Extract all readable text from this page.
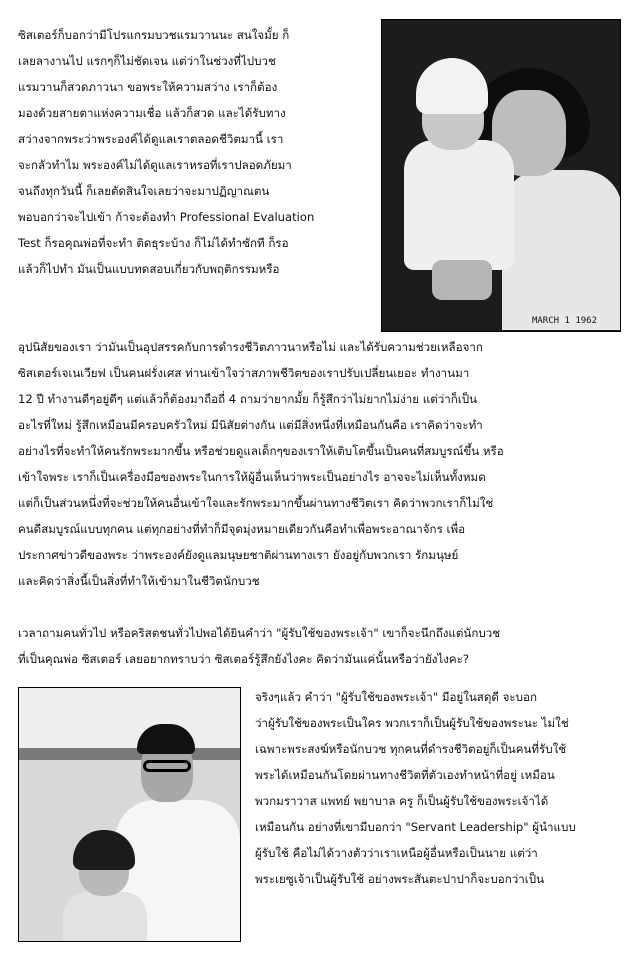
ซิสเตอร์ก็บอกว่ามีโปรแกรมบวชแรมวานนะ สนใจมั้ย ก็
เลยลางานไป แรกๆก็ไม่ชัดเจน แต่ว่าในช่วงที่ไปบวช
แรมวานก็สวดภาวนา ขอพระให้ความสว่าง เราก็ต้อง
มองด้วยสายตาแห่งความเชื่อ แล้วก็สวด และได้รับทาง
สว่างจากพระว่าพระองค์ได้ดูแลเราตลอดชีวิตมานี้ เรา
จะกลัวทำไม พระองค์ไม่ได้ดูแลเราหรอที่เราปลอดภัยมา
จนถึงทุกวันนี้ ก็เลยตัดสินใจเลยว่าจะมาปฏิญาณตน
พอบอกว่าจะไปเข้า ก้าจะต้องทำ Professional Evaluation
Test ก็รอคุณพ่อที่จะทำ ติดธุระบ้าง ก็ไม่ได้ทำซักที ก็รอ
แล้วก็ไปทำ มันเป็นแบบทดสอบเกี่ยวกับพฤติกรรมหรือ
MARCH 1 1962
อุปนิสัยของเรา ว่ามันเป็นอุปสรรคกับการดำรงชีวิตภาวนาหรือไม่ และได้รับความช่วยเหลือจาก
ซิสเตอร์เจเนเวียฟ เป็นคนฝรั่งเศส ท่านเข้าใจว่าสภาพชีวิตของเราปรับเปลี่ยนเยอะ ทำงานมา
12 ปี ทำงานดีๆอยู่ดีๆ แต่แล้วก็ต้องมาถือถี่ 4 ถามว่ายากมั้ย ก็รู้สึกว่าไม่ยากไม่ง่าย แต่ว่าก็เป็น
อะไรที่ใหม่ รู้สึกเหมือนมีครอบครัวใหม่ มีนิสัยต่างกัน แต่มีสิ่งหนึ่งที่เหมือนกันคือ เราคิดว่าจะทำ
อย่างไรที่จะทำให้คนรักพระมากขึ้น หรือช่วยดูแลเด็กๆของเราให้เติบโตขึ้นเป็นคนที่สมบูรณ์ขึ้น หรือ
เข้าใจพระ เราก็เป็นเครื่องมือของพระในการให้ผู้อื่นเห็นว่าพระเป็นอย่างไร อาจจะไม่เห็นทั้งหมด
แต่ก็เป็นส่วนหนึ่งที่จะช่วยให้คนอื่นเข้าใจและรักพระมากขึ้นผ่านทางชีวิตเรา คิดว่าพวกเราก็ไม่ใช่
คนดีสมบูรณ์แบบทุกคน แต่ทุกอย่างที่ทำก็มีจุดมุ่งหมายเดียวกันคือทำเพื่อพระอาณาจักร เพื่อ
ประกาศข่าวดีของพระ ว่าพระองค์ยังดูแลมนุษยชาติผ่านทางเรา ยังอยู่กับพวกเรา รักมนุษย์
และคิดว่าสิ่งนี้เป็นสิ่งที่ทำให้เข้ามาในชีวิตนักบวช
เวลาถามคนทั่วไป หรือคริสตชนทั่วไปพอได้ยินคำว่า "ผู้รับใช้ของพระเจ้า" เขาก็จะนึกถึงแต่นักบวช
ที่เป็นคุณพ่อ ซิสเตอร์ เลยอยากทราบว่า ซิสเตอร์รู้สึกยังไงคะ คิดว่ามันแค่นั้นหรือว่ายังไงคะ?
จริงๆแล้ว คำว่า "ผู้รับใช้ของพระเจ้า" มีอยู่ในสดุดี จะบอก
ว่าผู้รับใช้ของพระเป็นใคร พวกเราก็เป็นผู้รับใช้ของพระนะ ไม่ใช่
เฉพาะพระสงฆ์หรือนักบวช ทุกคนที่ดำรงชีวิตอยู่ก็เป็นคนที่รับใช้
พระได้เหมือนกันโดยผ่านทางชีวิตที่ตัวเองทำหน้าที่อยู่ เหมือน
พวกมราวาส แพทย์ พยาบาล ครู ก็เป็นผู้รับใช้ของพระเจ้าได้
เหมือนกัน อย่างที่เขามีบอกว่า "Servant Leadership" ผู้นำแบบ
ผู้รับใช้ คือไม่ได้วางตัวว่าเราเหนือผู้อื่นหรือเป็นนาย แต่ว่า
พระเยซูเจ้าเป็นผู้รับใช้ อย่างพระสันตะปาปาก็จะบอกว่าเป็น
